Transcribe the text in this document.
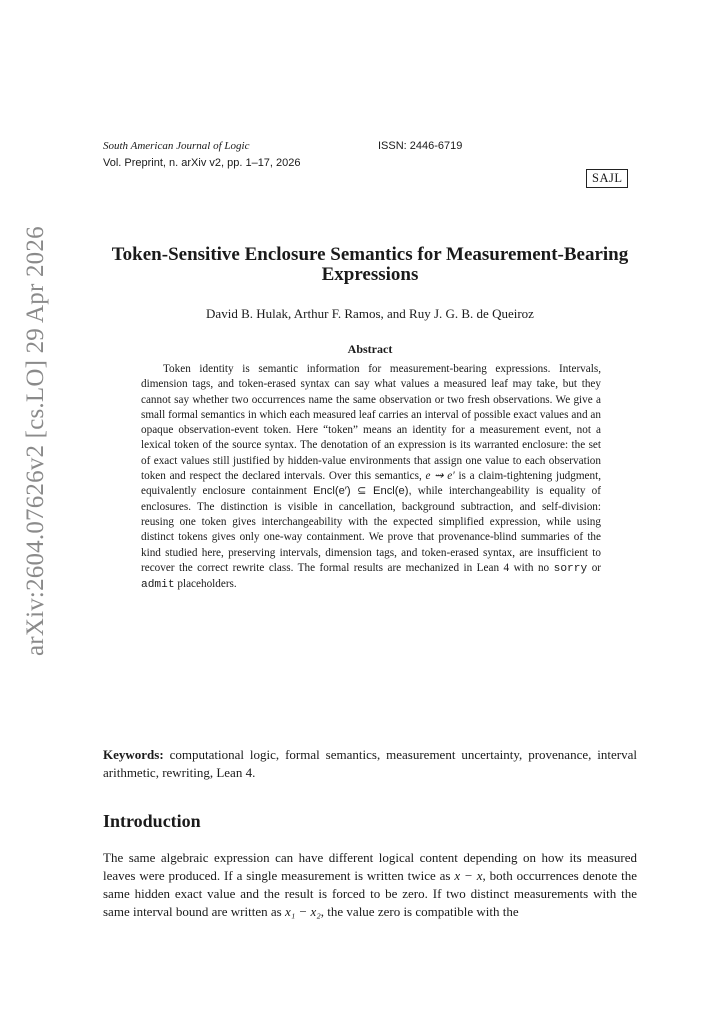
arXiv:2604.07626v2 [cs.LO] 29 Apr 2026
South American Journal of Logic	ISSN: 2446-6719
Vol. Preprint, n. arXiv v2, pp. 1–17, 2026
SAJL
Token-Sensitive Enclosure Semantics for Measurement-Bearing Expressions
David B. Hulak, Arthur F. Ramos, and Ruy J. G. B. de Queiroz
Abstract

Token identity is semantic information for measurement-bearing expressions. Intervals, dimension tags, and token-erased syntax can say what values a measured leaf may take, but they cannot say whether two occurrences name the same observation or two fresh observations. We give a small formal semantics in which each measured leaf carries an interval of possible exact values and an opaque observation-event token. Here “token” means an identity for a measurement event, not a lexical token of the source syntax. The denotation of an expression is its warranted enclosure: the set of exact values still justified by hidden-value environments that assign one value to each observation token and respect the declared intervals. Over this semantics, e ⇝ e′ is a claim-tightening judgment, equivalently enclosure containment Encl(e′) ⊆ Encl(e), while interchangeability is equality of enclosures. The distinction is visible in cancellation, background subtraction, and self-division: reusing one token gives interchangeability with the expected simplified expression, while using distinct tokens gives only one-way containment. We prove that provenance-blind summaries of the kind studied here, preserving intervals, dimension tags, and token-erased syntax, are insufficient to recover the correct rewrite class. The formal results are mechanized in Lean 4 with no sorry or admit placeholders.

Keywords: computational logic, formal semantics, measurement uncertainty, provenance, interval arithmetic, rewriting, Lean 4.

Introduction

The same algebraic expression can have different logical content depending on how its measured leaves were produced. If a single measurement is written twice as x − x, both occurrences denote the same hidden exact value and the result is forced to be zero. If two distinct measurements with the same interval bound are written as x₁ − x₂, the value zero is compatible with the
